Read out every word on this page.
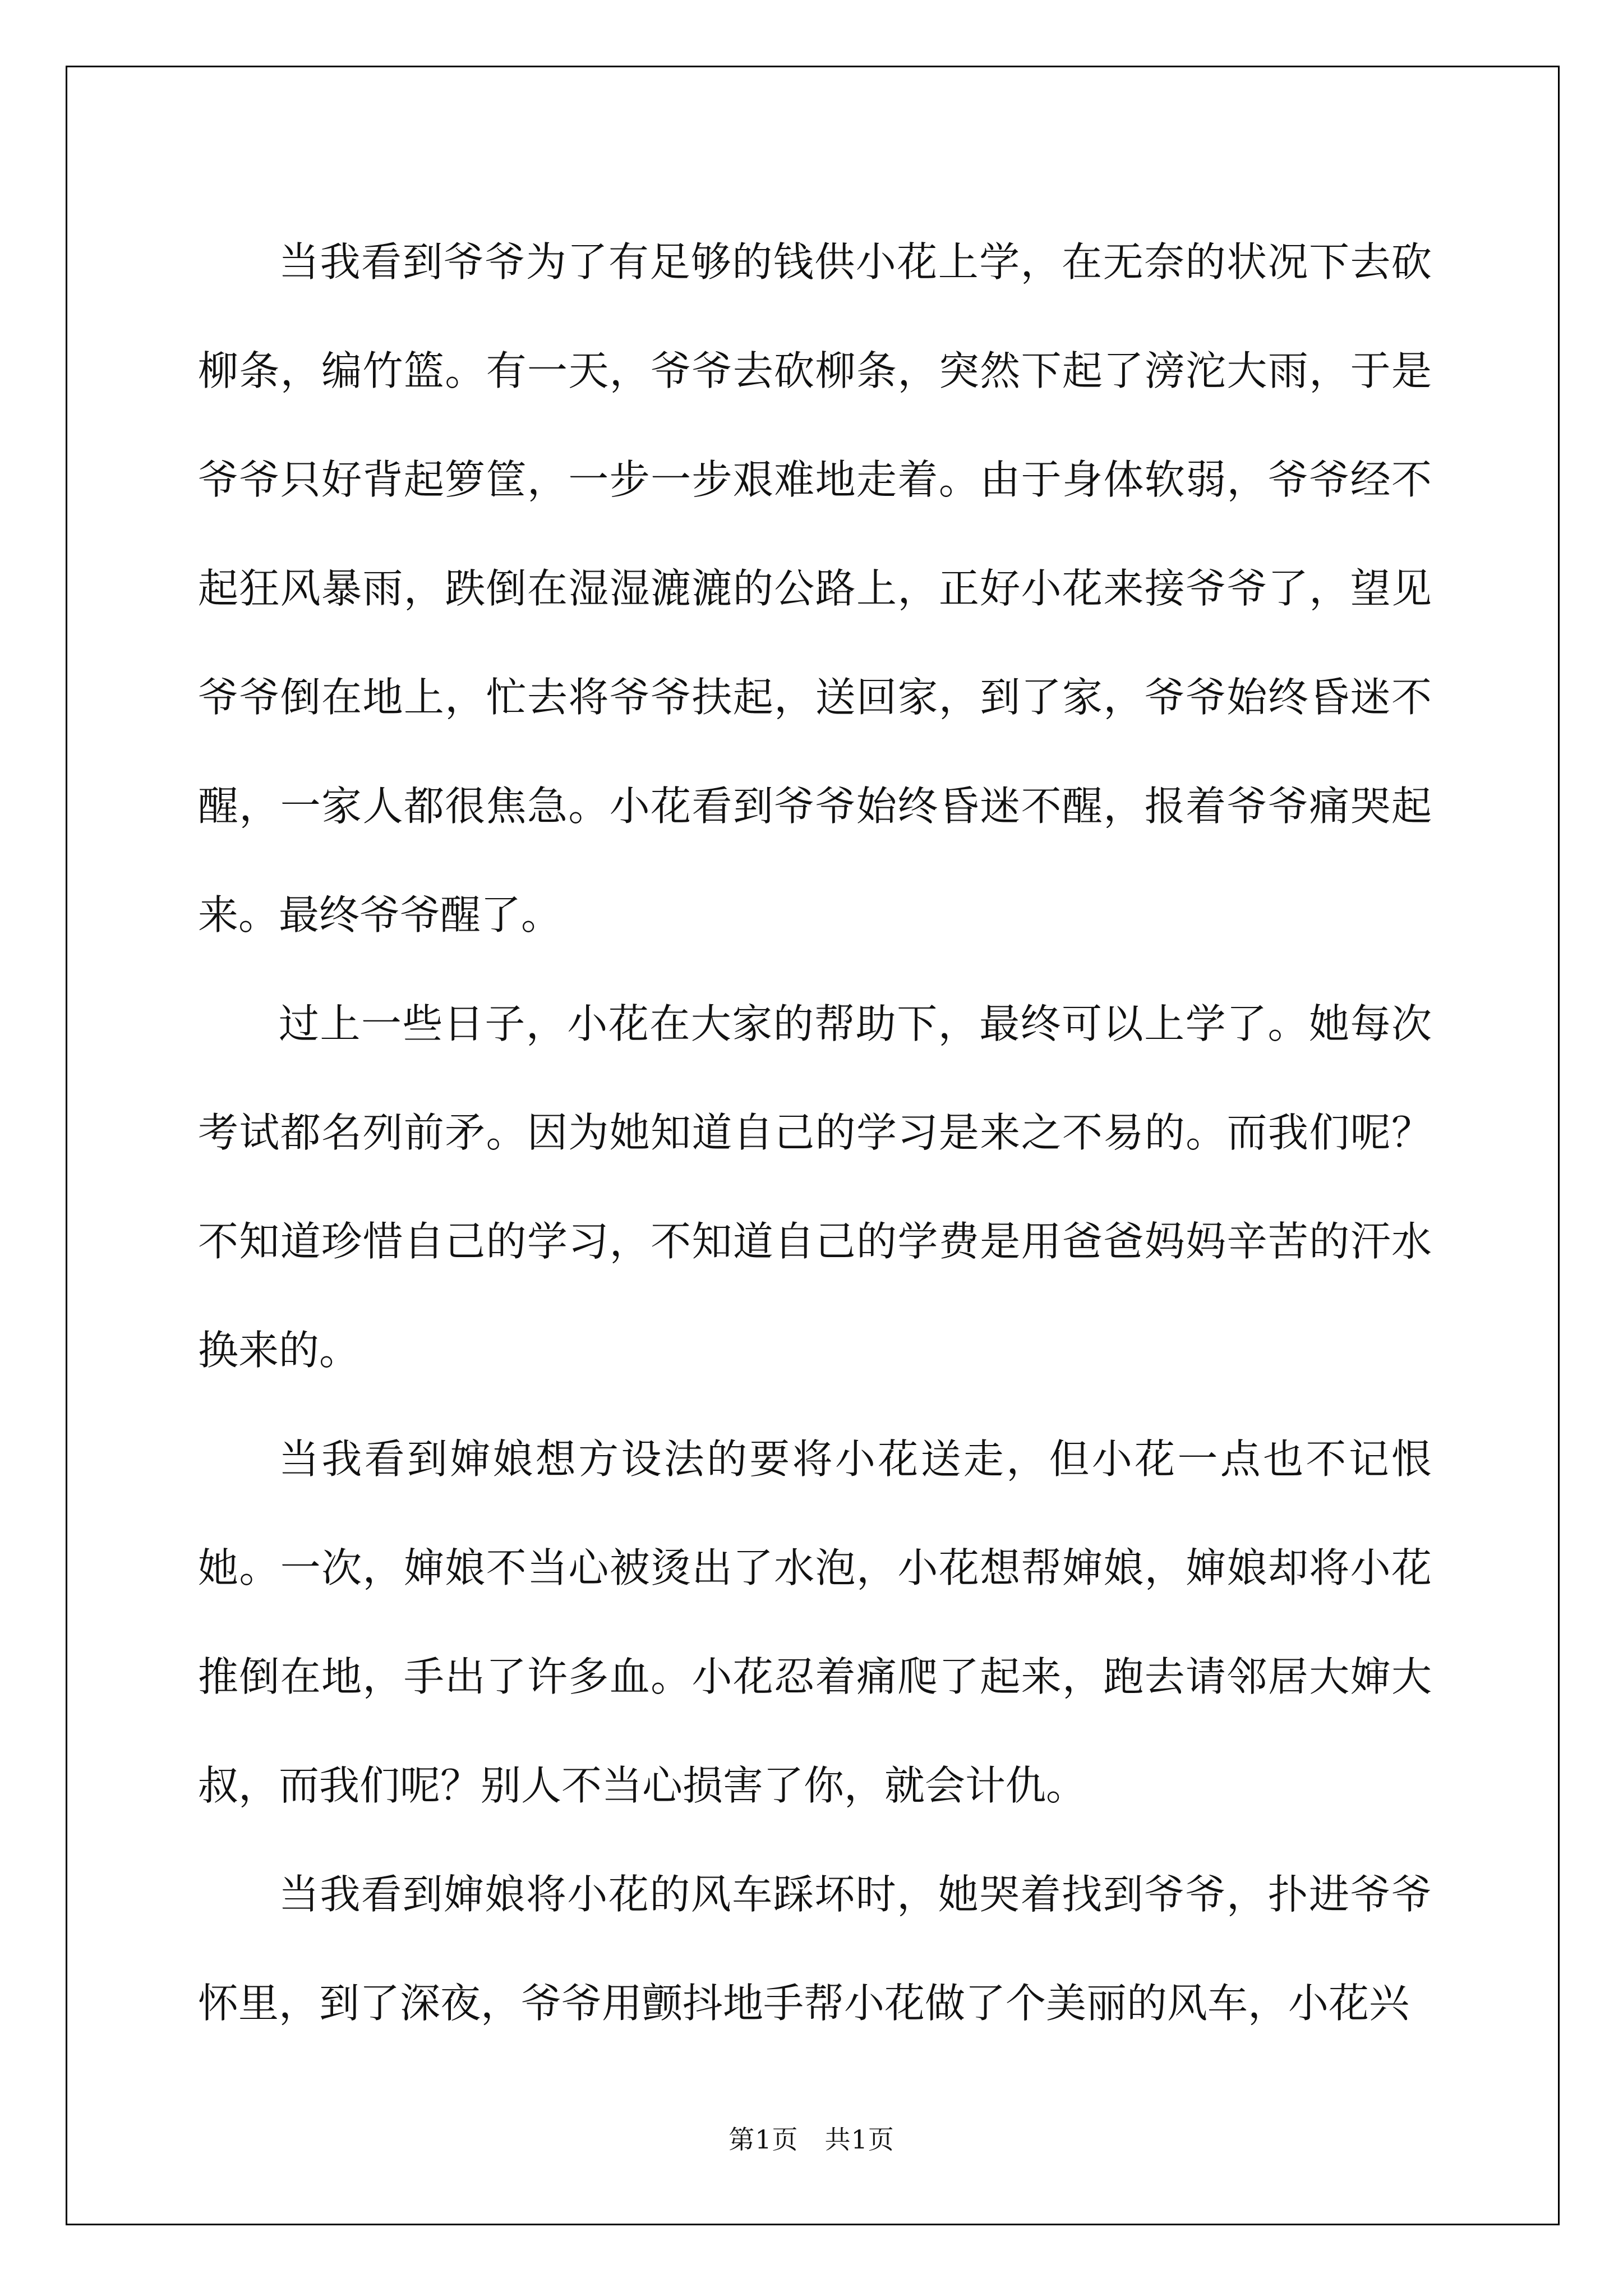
当我看到爷爷为了有足够的钱供小花上学，在无奈的状况下去砍柳条，编竹篮。有一天，爷爷去砍柳条，突然下起了滂沱大雨，于是爷爷只好背起箩筐，一步一步艰难地走着。由于身体软弱，爷爷经不起狂风暴雨，跌倒在湿湿漉漉的公路上，正好小花来接爷爷了，望见爷爷倒在地上，忙去将爷爷扶起，送回家，到了家，爷爷始终昏迷不醒，一家人都很焦急。小花看到爷爷始终昏迷不醒，报着爷爷痛哭起来。最终爷爷醒了。

过上一些日子，小花在大家的帮助下，最终可以上学了。她每次考试都名列前矛。因为她知道自己的学习是来之不易的。而我们呢？不知道珍惜自己的学习，不知道自己的学费是用爸爸妈妈辛苦的汗水换来的。

当我看到婶娘想方设法的要将小花送走，但小花一点也不记恨她。一次，婶娘不当心被烫出了水泡，小花想帮婶娘，婶娘却将小花推倒在地，手出了许多血。小花忍着痛爬了起来，跑去请邻居大婶大叔，而我们呢？别人不当心损害了你，就会计仇。

当我看到婶娘将小花的风车踩坏时，她哭着找到爷爷，扑进爷爷怀里，到了深夜，爷爷用颤抖地手帮小花做了个美丽的风车，小花兴

第1页　共1页
